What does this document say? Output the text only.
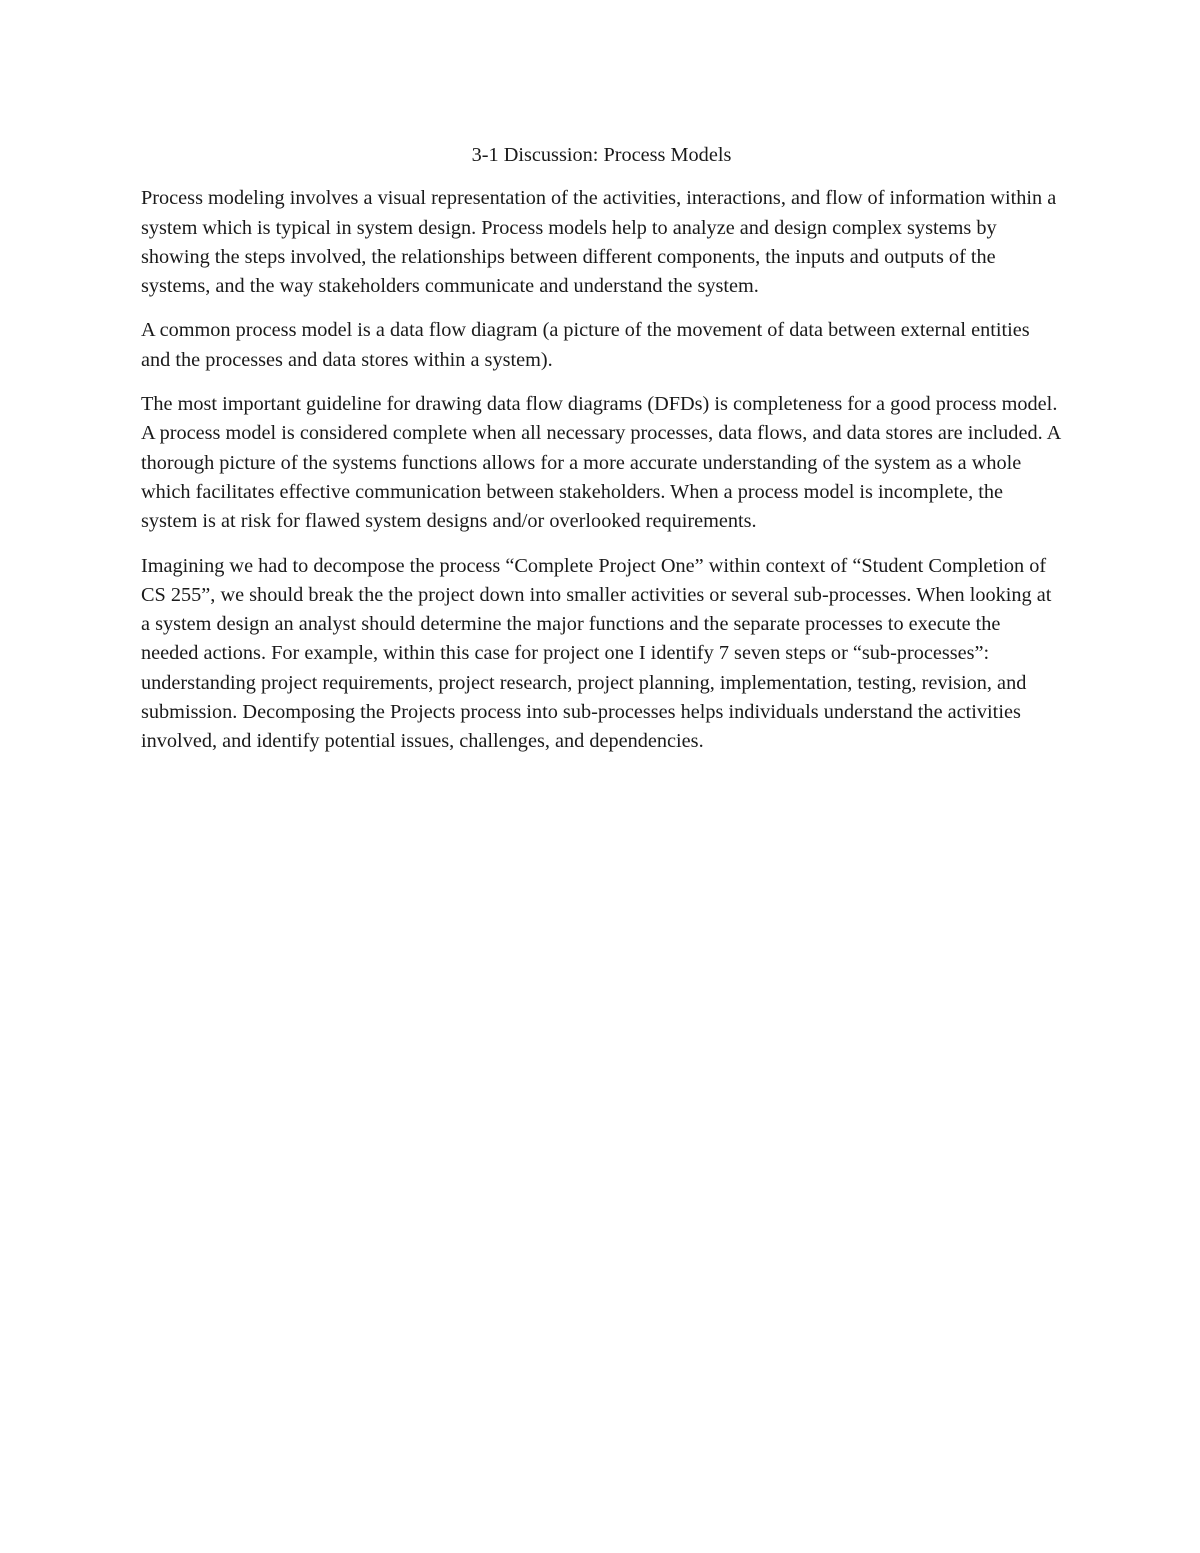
3-1 Discussion: Process Models

Process modeling involves a visual representation of the activities, interactions, and flow of information within a system which is typical in system design. Process models help to analyze and design complex systems by showing the steps involved, the relationships between different components, the inputs and outputs of the systems, and the way stakeholders communicate and understand the system.

A common process model is a data flow diagram (a picture of the movement of data between external entities and the processes and data stores within a system).

The most important guideline for drawing data flow diagrams (DFDs) is completeness for a good process model. A process model is considered complete when all necessary processes, data flows, and data stores are included. A thorough picture of the systems functions allows for a more accurate understanding of the system as a whole which facilitates effective communication between stakeholders. When a process model is incomplete, the system is at risk for flawed system designs and/or overlooked requirements.

Imagining we had to decompose the process “Complete Project One” within context of “Student Completion of CS 255”, we should break the the project down into smaller activities or several sub-processes. When looking at a system design an analyst should determine the major functions and the separate processes to execute the needed actions. For example, within this case for project one I identify 7 seven steps or “sub-processes”: understanding project requirements, project research, project planning, implementation, testing, revision, and submission. Decomposing the Projects process into sub-processes helps individuals understand the activities involved, and identify potential issues, challenges, and dependencies.
